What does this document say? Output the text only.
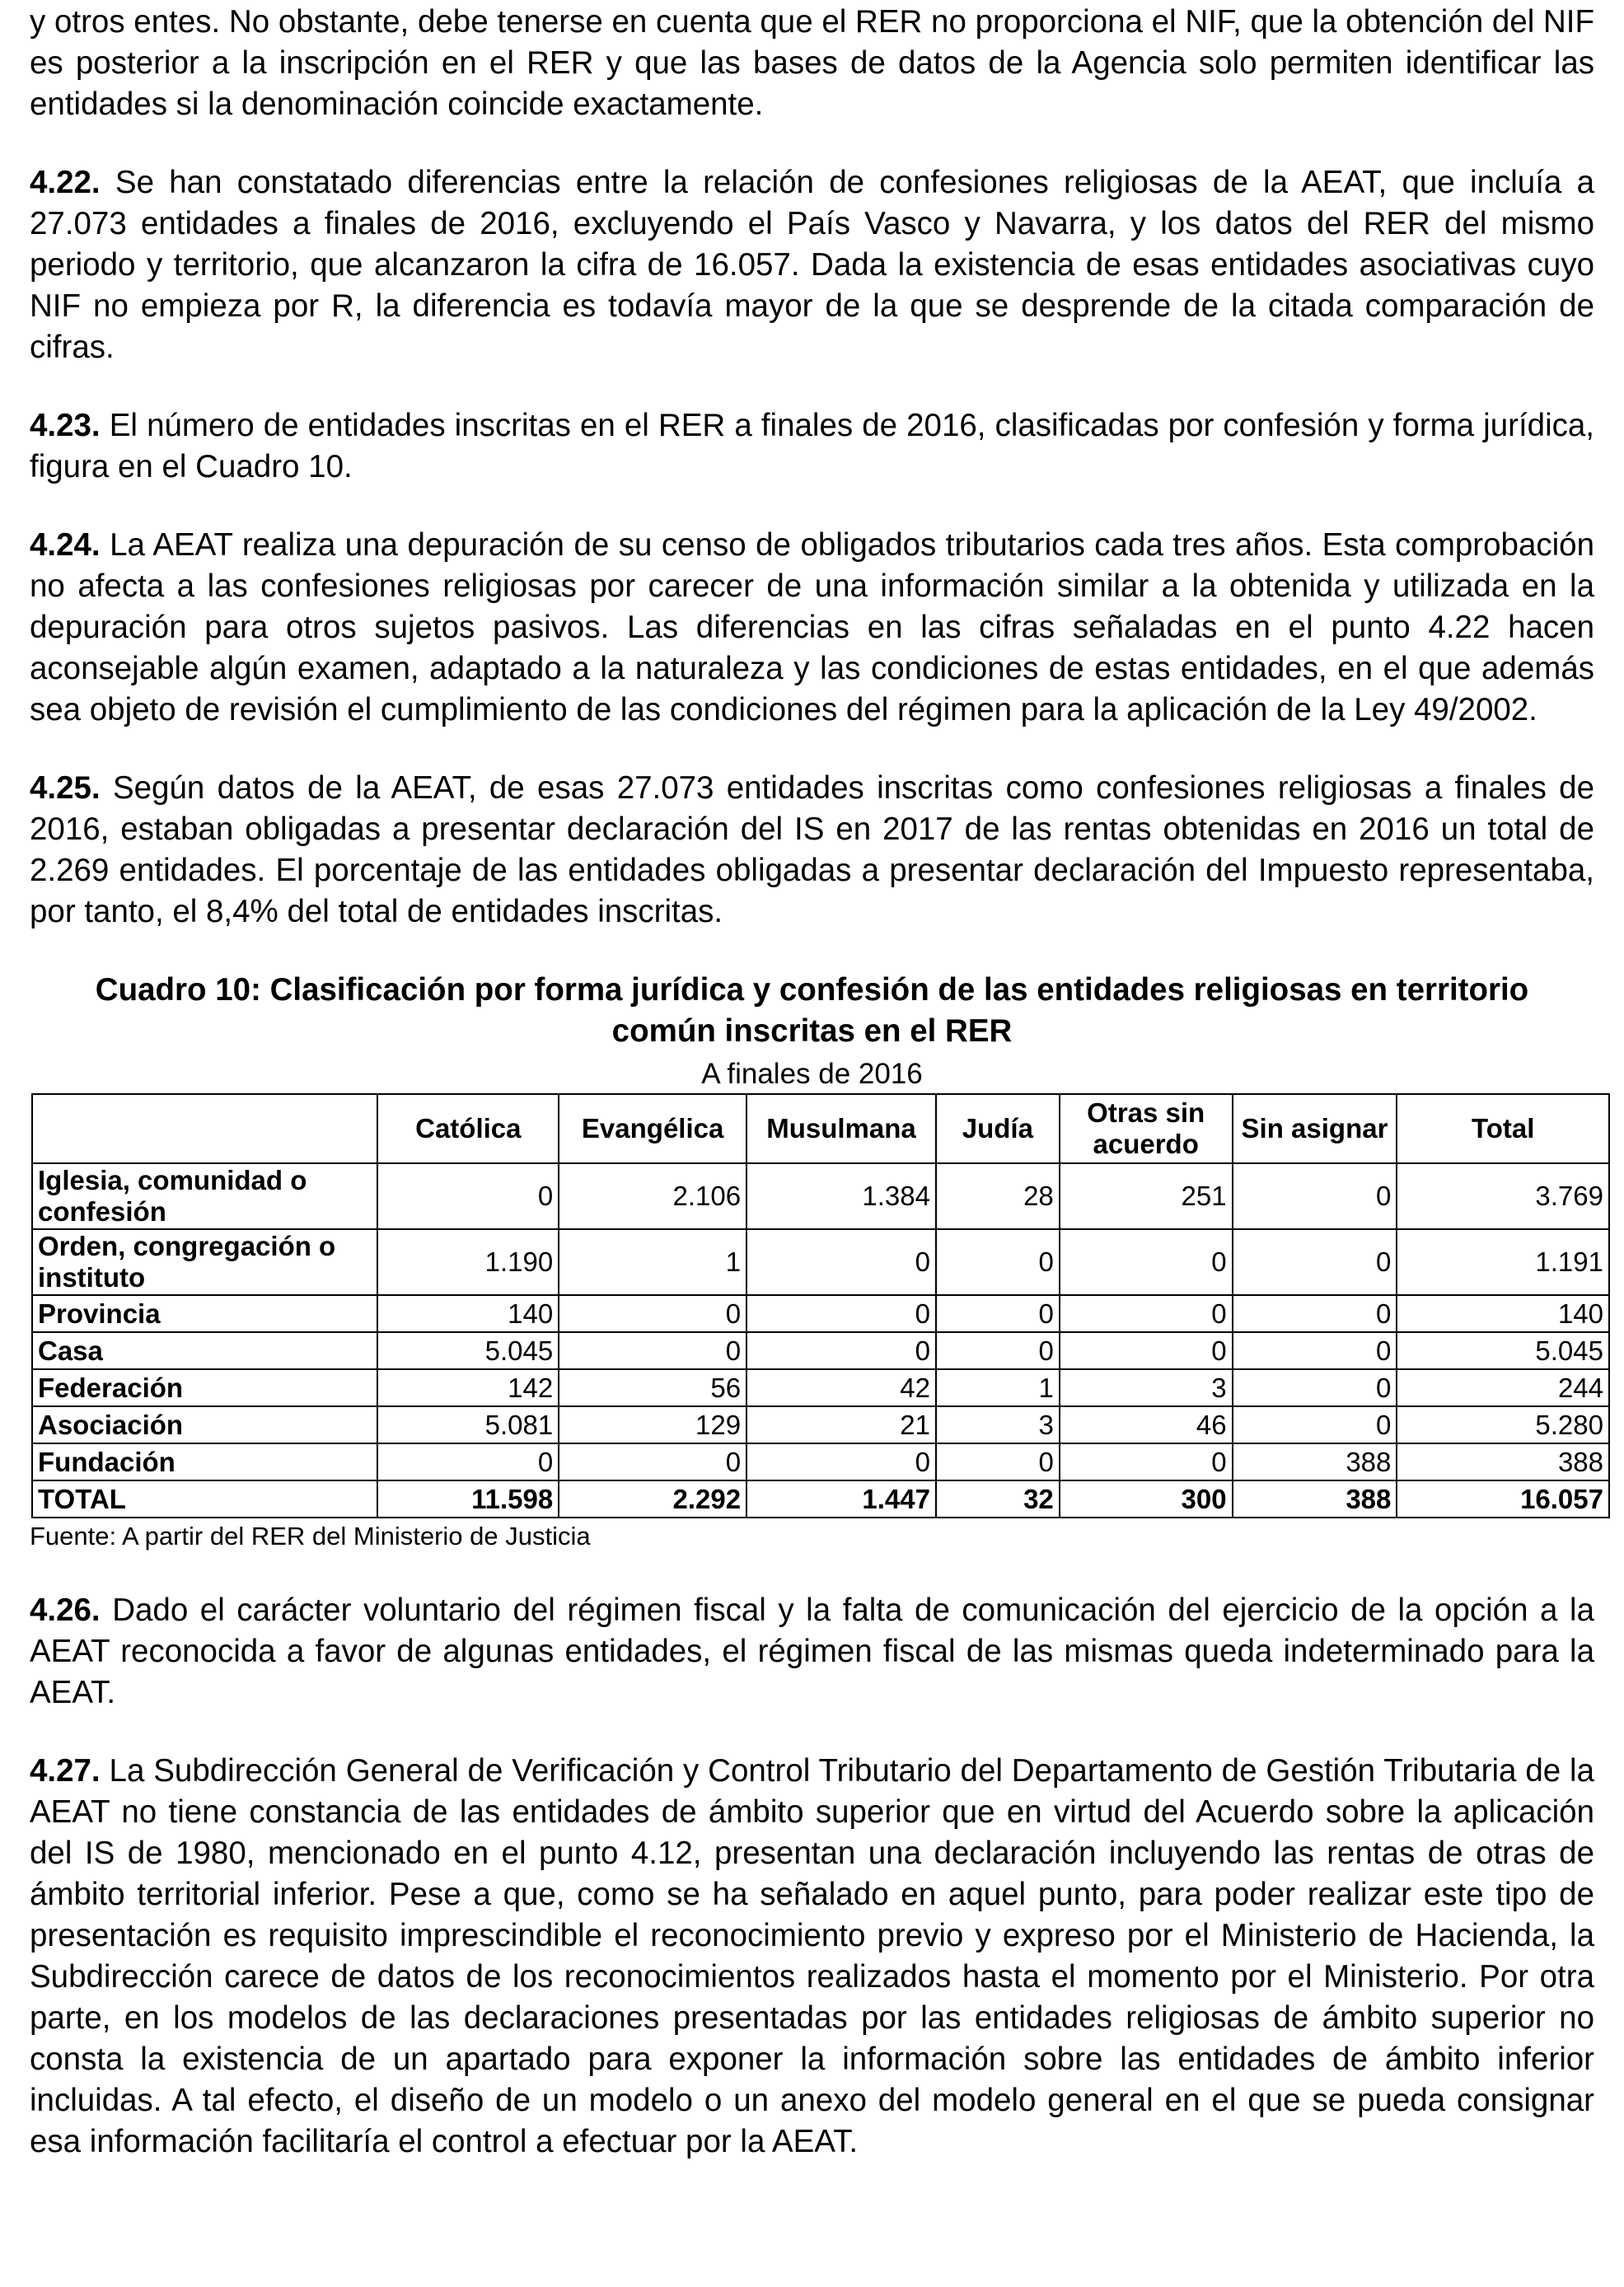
y otros entes. No obstante, debe tenerse en cuenta que el RER no proporciona el NIF, que la obtención del NIF es posterior a la inscripción en el RER y que las bases de datos de la Agencia solo permiten identificar las entidades si la denominación coincide exactamente.

4.22. Se han constatado diferencias entre la relación de confesiones religiosas de la AEAT, que incluía a 27.073 entidades a finales de 2016, excluyendo el País Vasco y Navarra, y los datos del RER del mismo periodo y territorio, que alcanzaron la cifra de 16.057. Dada la existencia de esas entidades asociativas cuyo NIF no empieza por R, la diferencia es todavía mayor de la que se desprende de la citada comparación de cifras.

4.23. El número de entidades inscritas en el RER a finales de 2016, clasificadas por confesión y forma jurídica, figura en el Cuadro 10.

4.24. La AEAT realiza una depuración de su censo de obligados tributarios cada tres años. Esta comprobación no afecta a las confesiones religiosas por carecer de una información similar a la obtenida y utilizada en la depuración para otros sujetos pasivos. Las diferencias en las cifras señaladas en el punto 4.22 hacen aconsejable algún examen, adaptado a la naturaleza y las condiciones de estas entidades, en el que además sea objeto de revisión el cumplimiento de las condiciones del régimen para la aplicación de la Ley 49/2002.

4.25. Según datos de la AEAT, de esas 27.073 entidades inscritas como confesiones religiosas a finales de 2016, estaban obligadas a presentar declaración del IS en 2017 de las rentas obtenidas en 2016 un total de 2.269 entidades. El porcentaje de las entidades obligadas a presentar declaración del Impuesto representaba, por tanto, el 8,4% del total de entidades inscritas.

Cuadro 10: Clasificación por forma jurídica y confesión de las entidades religiosas en territorio común inscritas en el RER

A finales de 2016

	Católica	Evangélica	Musulmana	Judía	Otras sin acuerdo	Sin asignar	Total
Iglesia, comunidad o confesión	0	2.106	1.384	28	251	0	3.769
Orden, congregación o instituto	1.190	1	0	0	0	0	1.191
Provincia	140	0	0	0	0	0	140
Casa	5.045	0	0	0	0	0	5.045
Federación	142	56	42	1	3	0	244
Asociación	5.081	129	21	3	46	0	5.280
Fundación	0	0	0	0	0	388	388
TOTAL	11.598	2.292	1.447	32	300	388	16.057

Fuente: A partir del RER del Ministerio de Justicia

4.26. Dado el carácter voluntario del régimen fiscal y la falta de comunicación del ejercicio de la opción a la AEAT reconocida a favor de algunas entidades, el régimen fiscal de las mismas queda indeterminado para la AEAT.

4.27. La Subdirección General de Verificación y Control Tributario del Departamento de Gestión Tributaria de la AEAT no tiene constancia de las entidades de ámbito superior que en virtud del Acuerdo sobre la aplicación del IS de 1980, mencionado en el punto 4.12, presentan una declaración incluyendo las rentas de otras de ámbito territorial inferior. Pese a que, como se ha señalado en aquel punto, para poder realizar este tipo de presentación es requisito imprescindible el reconocimiento previo y expreso por el Ministerio de Hacienda, la Subdirección carece de datos de los reconocimientos realizados hasta el momento por el Ministerio. Por otra parte, en los modelos de las declaraciones presentadas por las entidades religiosas de ámbito superior no consta la existencia de un apartado para exponer la información sobre las entidades de ámbito inferior incluidas. A tal efecto, el diseño de un modelo o un anexo del modelo general en el que se pueda consignar esa información facilitaría el control a efectuar por la AEAT.
